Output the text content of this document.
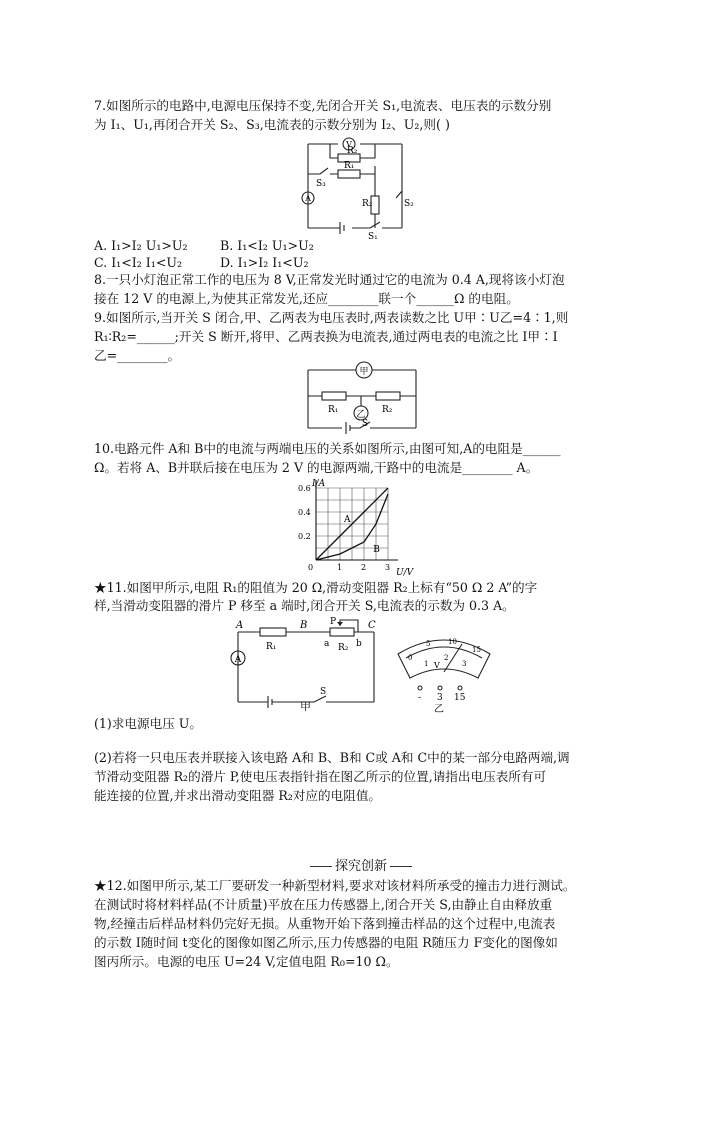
7.如图所示的电路中,电源电压保持不变,先闭合开关 S₁,电流表、电压表的示数分别
为 I₁、U₁,再闭合开关 S₂、S₃,电流表的示数分别为 I₂、U₂,则( )
V
R₂
R₁
S₃
A
R₂	S₂
S₁
A. I₁>I₂ U₁>U₂	B. I₁<I₂ U₁>U₂
C. I₁<I₂ I₁<U₂	D. I₁>I₂ I₁<U₂
8.一只小灯泡正常工作的电压为 8 V,正常发光时通过它的电流为 0.4 A,现将该小灯泡
接在 12 V 的电源上,为使其正常发光,还应________联一个______Ω 的电阻。
9.如图所示,当开关 S 闭合,甲、乙两表为电压表时,两表读数之比 U甲∶U乙=4∶1,则
R₁∶R₂=______;开关 S 断开,将甲、乙两表换为电流表,通过两电表的电流之比 I甲∶I
乙=________。
甲
R₁	R₂
乙
S
10.电路元件 A和 B中的电流与两端电压的关系如图所示,由图可知,A的电阻是______
Ω。若将 A、B并联后接在电压为 2 V 的电源两端,干路中的电流是________ A。
A
B
0	1 2 3
0.2
0.4
0.6 I/A
U/V
★11.如图甲所示,电阻 R₁的阻值为 20 Ω,滑动变阻器 R₂上标有“50 Ω 2 A”的字
样,当滑动变阻器的滑片 P 移至 a 端时,闭合开关 S,电流表的示数为 0.3 A。
A	B	C
R₁
P
a	b
R₂
A
S
甲
0
5	10
15
1
2
3
V
- 3 15
乙
(1)求电源电压 U。
(2)若将一只电压表并联接入该电路 A和 B、B和 C或 A和 C中的某一部分电路两端,调
节滑动变阻器 R₂的滑片 P,使电压表指针指在图乙所示的位置,请指出电压表所有可
能连接的位置,并求出滑动变阻器 R₂对应的电阻值。
探究创新
★12.如图甲所示,某工厂要研发一种新型材料,要求对该材料所承受的撞击力进行测试。
在测试时将材料样品(不计质量)平放在压力传感器上,闭合开关 S,由静止自由释放重
物,经撞击后样品材料仍完好无损。从重物开始下落到撞击样品的这个过程中,电流表
的示数 I随时间 t变化的图像如图乙所示,压力传感器的电阻 R随压力 F变化的图像如
图丙所示。电源的电压 U=24 V,定值电阻 R₀=10 Ω。
